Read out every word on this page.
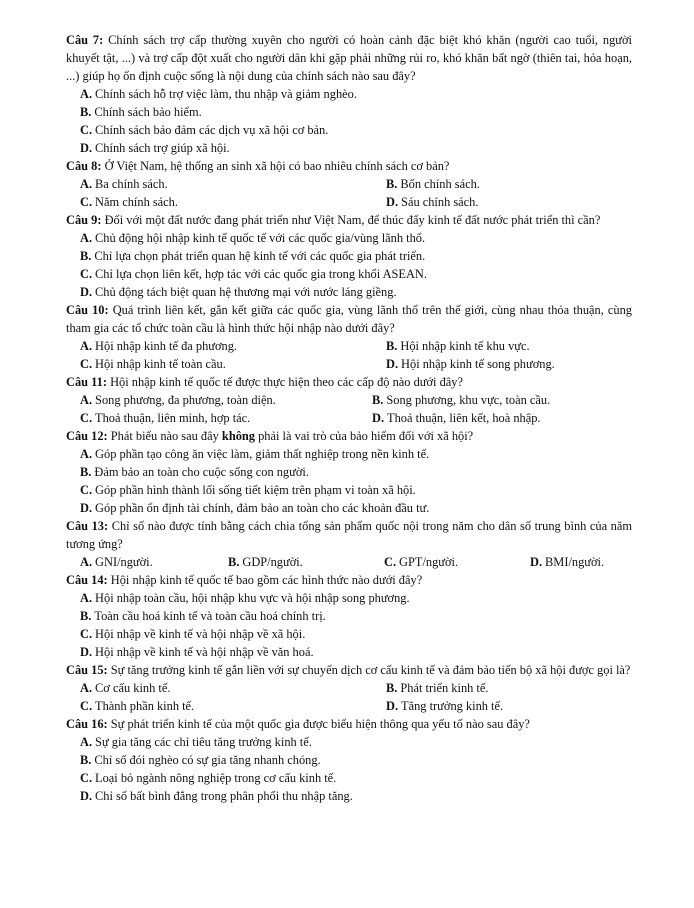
Câu 7: Chính sách trợ cấp thường xuyên cho người có hoàn cảnh đặc biệt khó khăn (người cao tuổi, người khuyết tật, ...) và trợ cấp đột xuất cho người dân khi gặp phải những rủi ro, khó khăn bất ngờ (thiên tai, hỏa hoạn, ...) giúp họ ổn định cuộc sống là nội dung của chính sách nào sau đây?

A. Chính sách hỗ trợ việc làm, thu nhập và giảm nghèo.
B. Chính sách bảo hiểm.
C. Chính sách bảo đảm các dịch vụ xã hội cơ bản.
D. Chính sách trợ giúp xã hội.

Câu 8: Ở Việt Nam, hệ thống an sinh xã hội có bao nhiêu chính sách cơ bản?

A. Ba chính sách.	B. Bốn chính sách.
C. Năm chính sách.	D. Sáu chính sách.

Câu 9: Đối với một đất nước đang phát triển như Việt Nam, để thúc đẩy kinh tế đất nước phát triển thì cần?

A. Chủ động hội nhập kinh tế quốc tế với các quốc gia/vùng lãnh thổ.
B. Chỉ lựa chọn phát triển quan hệ kinh tế với các quốc gia phát triển.
C. Chỉ lựa chọn liên kết, hợp tác với các quốc gia trong khối ASEAN.
D. Chủ động tách biệt quan hệ thương mại với nước láng giềng.

Câu 10: Quá trình liên kết, gắn kết giữa các quốc gia, vùng lãnh thổ trên thế giới, cùng nhau thỏa thuận, cùng tham gia các tổ chức toàn cầu là hình thức hội nhập nào dưới đây?

A. Hội nhập kinh tế đa phương.	B. Hội nhập kinh tế khu vực.
C. Hội nhập kinh tế toàn cầu.	D. Hội nhập kinh tế song phương.

Câu 11: Hội nhập kinh tế quốc tế được thực hiện theo các cấp độ nào dưới đây?

A. Song phương, đa phương, toàn diện.	B. Song phương, khu vực, toàn cầu.
C. Thoả thuận, liên minh, hợp tác.	D. Thoả thuận, liên kết, hoà nhập.

Câu 12: Phát biểu nào sau đây không phải là vai trò của bảo hiểm đối với xã hội?

A. Góp phần tạo công ăn việc làm, giảm thất nghiệp trong nền kinh tế.
B. Đảm bảo an toàn cho cuộc sống con người.
C. Góp phần hình thành lối sống tiết kiệm trên phạm vi toàn xã hội.
D. Góp phần ổn định tài chính, đảm bảo an toàn cho các khoản đầu tư.

Câu 13: Chỉ số nào được tính bằng cách chia tổng sản phẩm quốc nội trong năm cho dân số trung bình của năm tương ứng?

A. GNI/người.	B. GDP/người.	C. GPT/người.	D. BMI/người.

Câu 14: Hội nhập kinh tế quốc tế bao gồm các hình thức nào dưới đây?

A. Hội nhập toàn cầu, hội nhập khu vực và hội nhập song phương.
B. Toàn cầu hoá kinh tế và toàn cầu hoá chính trị.
C. Hội nhập về kinh tế và hội nhập về xã hội.
D. Hội nhập về kinh tế và hội nhập về văn hoá.

Câu 15: Sự tăng trưởng kinh tế gắn liền với sự chuyển dịch cơ cấu kinh tế và đảm bảo tiến bộ xã hội được gọi là?

A. Cơ cấu kinh tế.	B. Phát triển kinh tế.
C. Thành phần kinh tế.	D. Tăng trưởng kinh tế.

Câu 16: Sự phát triển kinh tế của một quốc gia được biểu hiện thông qua yếu tố nào sau đây?

A. Sự gia tăng các chỉ tiêu tăng trưởng kinh tế.
B. Chỉ số đói nghèo có sự gia tăng nhanh chóng.
C. Loại bỏ ngành nông nghiệp trong cơ cấu kinh tế.
D. Chỉ số bất bình đẳng trong phân phối thu nhập tăng.
